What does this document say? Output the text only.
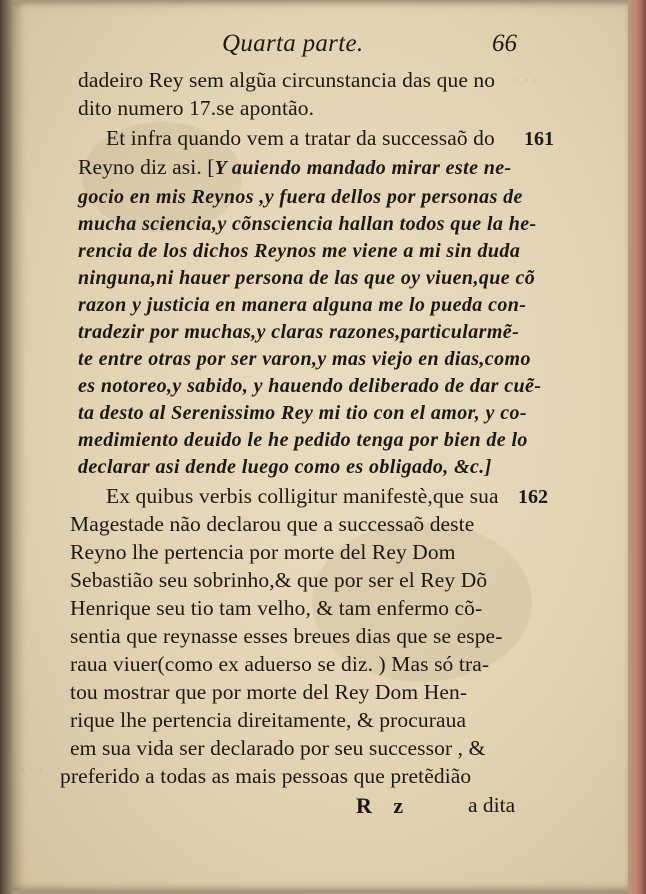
· · ·
· · ·
Quarta parte.	66
dadeiro Rey sem algũa circunstancia das que no
dito numero 17.se apontão.
Et infra quando vem a tratar da successaõ do 161
Reyno diz asi. [Y auiendo mandado mirar este ne-
gocio en mis Reynos ,y fuera dellos por personas de
mucha sciencia,y cõnsciencia hallan todos que la he-
rencia de los dichos Reynos me viene a mi sin duda
ninguna,ni hauer persona de las que oy viuen,que cõ
razon y justicia en manera alguna me lo pueda con-
tradezir por muchas,y claras razones,particularmẽ-
te entre otras por ser varon,y mas viejo en dias,como
es notoreo,y sabido, y hauendo deliberado de dar cuẽ-
ta desto al Serenissimo Rey mi tio con el amor, y co-
medimiento deuido le he pedido tenga por bien de lo
declarar asi dende luego como es obligado, &c.]
Ex quibus verbis colligitur manifestè,que sua 162
Magestade não declarou que a successaõ deste
Reyno lhe pertencia por morte del Rey Dom
Sebastião seu sobrinho,& que por ser el Rey Dõ
Henrique seu tio tam velho, & tam enfermo cõ-
sentia que reynasse esses breues dias que se espe-
raua viuer(como ex aduerso se diz. ) Mas só tra-
tou mostrar que por morte del Rey Dom Hen-
rique lhe pertencia direitamente, & procuraua
em sua vida ser declarado por seu successor , &
preferido a todas as mais pessoas que pretẽdião
R z	a dita
